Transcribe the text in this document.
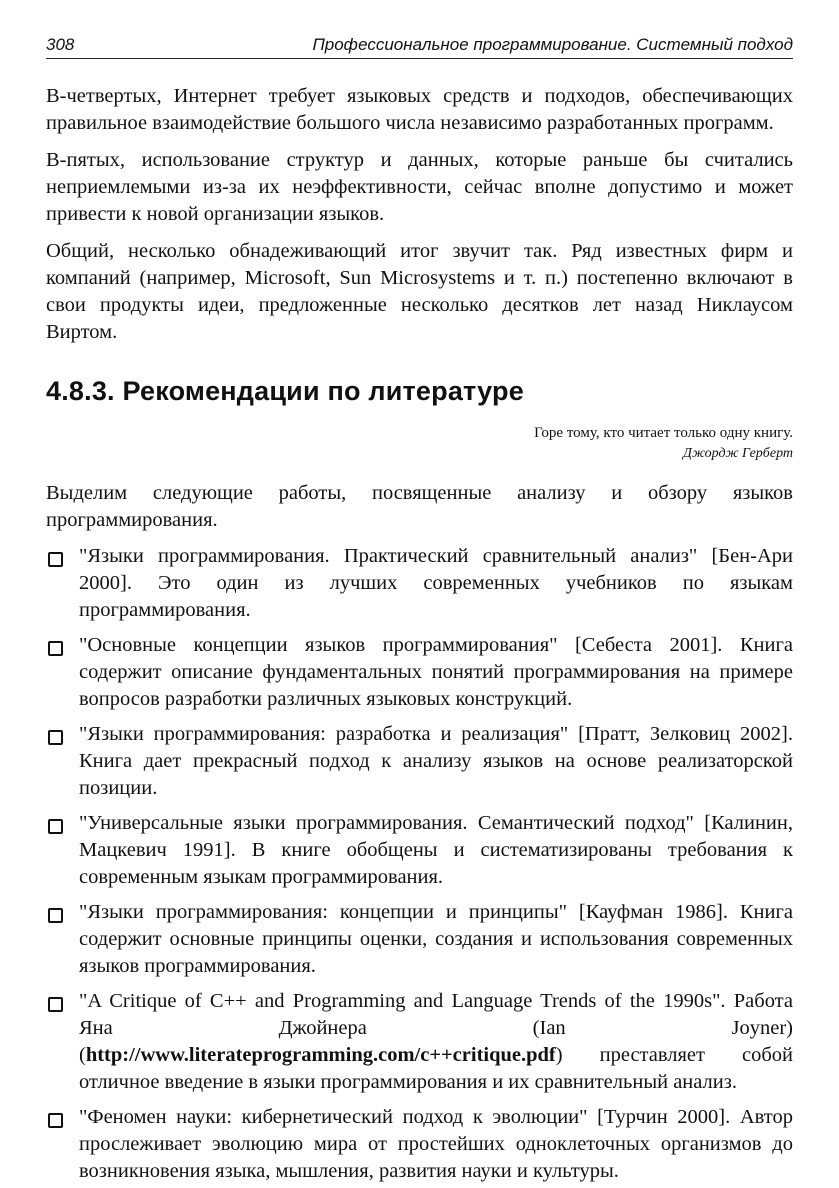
308	Профессиональное программирование. Системный подход

В-четвертых, Интернет требует языковых средств и подходов, обеспечивающих правильное взаимодействие большого числа независимо разработанных программ.

В-пятых, использование структур и данных, которые раньше бы считались неприемлемыми из-за их неэффективности, сейчас вполне допустимо и может привести к новой организации языков.

Общий, несколько обнадеживающий итог звучит так. Ряд известных фирм и компаний (например, Microsoft, Sun Microsystems и т. п.) постепенно включают в свои продукты идеи, предложенные несколько десятков лет назад Никлаусом Виртом.

4.8.3. Рекомендации по литературе
Горе тому, кто читает только одну книгу.
Джордж Герберт

Выделим следующие работы, посвященные анализу и обзору языков программирования.

"Языки программирования. Практический сравнительный анализ" [Бен-Ари 2000]. Это один из лучших современных учебников по языкам программирования.
"Основные концепции языков программирования" [Себеста 2001]. Книга содержит описание фундаментальных понятий программирования на примере вопросов разработки различных языковых конструкций.
"Языки программирования: разработка и реализация" [Пратт, Зелковиц 2002]. Книга дает прекрасный подход к анализу языков на основе реализаторской позиции.
"Универсальные языки программирования. Семантический подход" [Калинин, Мацкевич 1991]. В книге обобщены и систематизированы требования к современным языкам программирования.
"Языки программирования: концепции и принципы" [Кауфман 1986]. Книга содержит основные принципы оценки, создания и использования современных языков программирования.
"A Critique of C++ and Programming and Language Trends of the 1990s". Работа Яна Джойнера (Ian Joyner) (http://www.literateprogramming.com/c++critique.pdf) преставляет собой отличное введение в языки программирования и их сравнительный анализ.
"Феномен науки: кибернетический подход к эволюции" [Турчин 2000]. Автор прослеживает эволюцию мира от простейших одноклеточных организмов до возникновения языка, мышления, развития науки и культуры.
